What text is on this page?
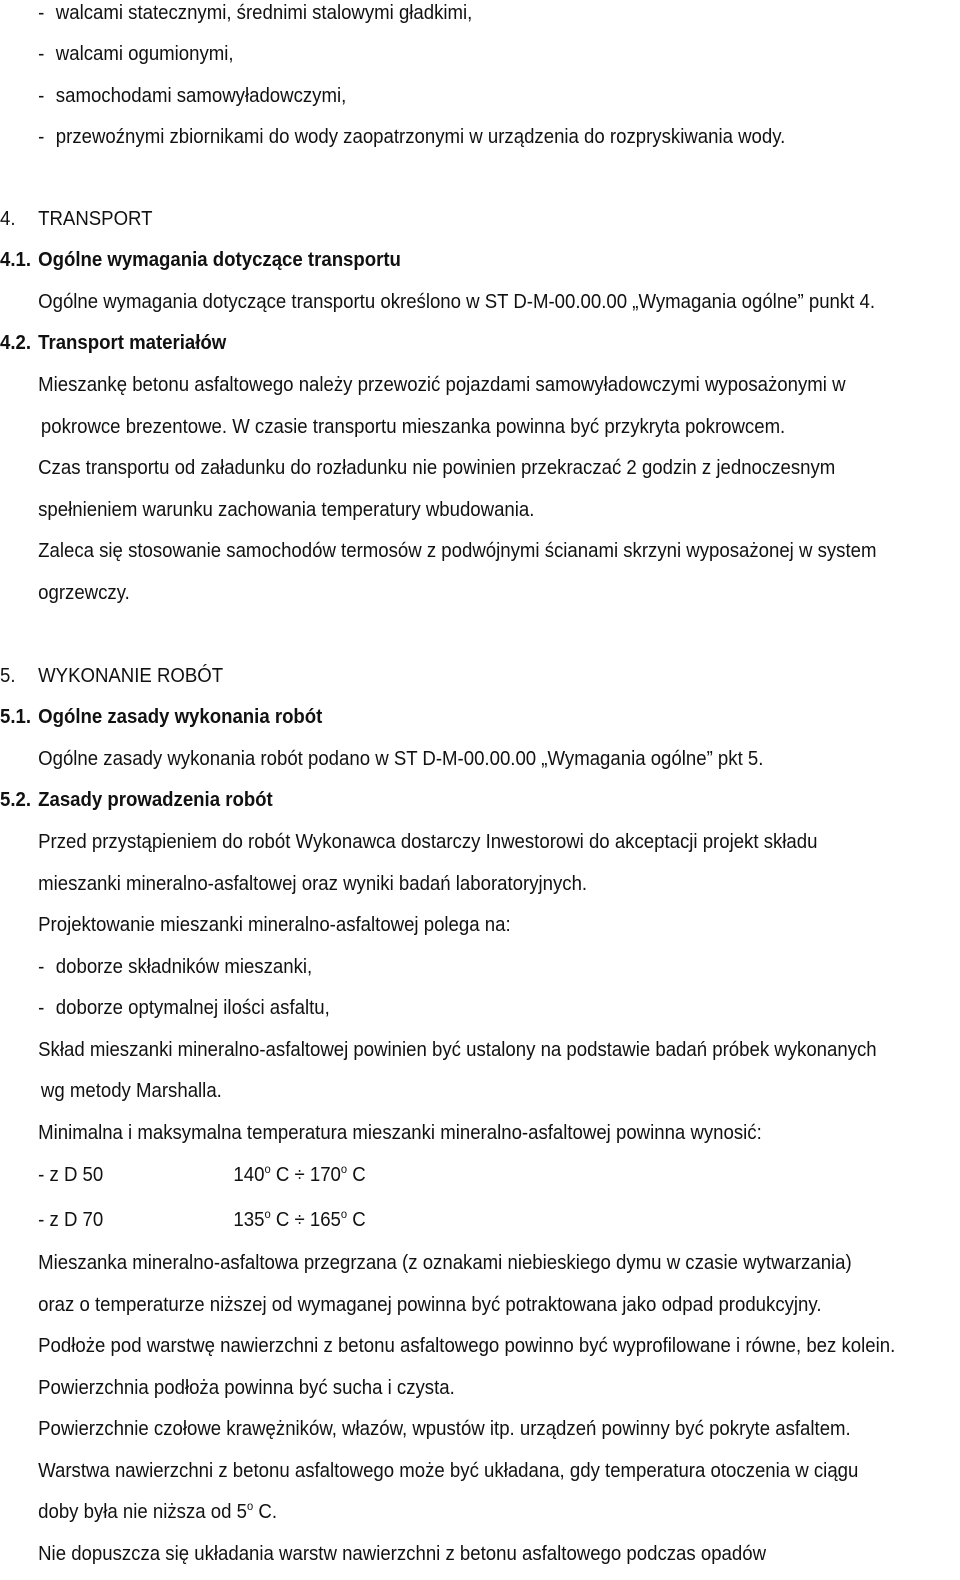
- walcami statecznymi, średnimi stalowymi gładkimi,
- walcami ogumionymi,
- samochodami samowyładowczymi,
- przewoźnymi zbiornikami do wody zaopatrzonymi w urządzenia do rozpryskiwania wody.
4. TRANSPORT
4.1. Ogólne wymagania dotyczące transportu
Ogólne wymagania dotyczące transportu określono w ST D-M-00.00.00 „Wymagania ogólne” punkt 4.
4.2. Transport materiałów
Mieszankę betonu asfaltowego należy przewozić pojazdami samowyładowczymi wyposażonymi w
pokrowce brezentowe. W czasie transportu mieszanka powinna być przykryta pokrowcem.
Czas transportu od załadunku do rozładunku nie powinien przekraczać 2 godzin z jednoczesnym
spełnieniem warunku zachowania temperatury wbudowania.
Zaleca się stosowanie samochodów termosów z podwójnymi ścianami skrzyni wyposażonej w system
ogrzewczy.
5. WYKONANIE ROBÓT
5.1. Ogólne zasady wykonania robót
Ogólne zasady wykonania robót podano w ST D-M-00.00.00 „Wymagania ogólne” pkt 5.
5.2. Zasady prowadzenia robót
Przed przystąpieniem do robót Wykonawca dostarczy Inwestorowi do akceptacji projekt składu
mieszanki mineralno-asfaltowej oraz wyniki badań laboratoryjnych.
Projektowanie mieszanki mineralno-asfaltowej polega na:
- doborze składników mieszanki,
- doborze optymalnej ilości asfaltu,
Skład mieszanki mineralno-asfaltowej powinien być ustalony na podstawie badań próbek wykonanych
wg metody Marshalla.
Minimalna i maksymalna temperatura mieszanki mineralno-asfaltowej powinna wynosić:
- z D 50	140$^o$ $C \div 170^o$ C
- z D 70	135$^o$ $C \div 165^o$ C
Mieszanka mineralno-asfaltowa przegrzana (z oznakami niebieskiego dymu w czasie wytwarzania)
oraz o temperaturze niższej od wymaganej powinna być potraktowana jako odpad produkcyjny.
Podłoże pod warstwę nawierzchni z betonu asfaltowego powinno być wyprofilowane i równe, bez kolein.
Powierzchnia podłoża powinna być sucha i czysta.
Powierzchnie czołowe krawężników, włazów, wpustów itp. urządzeń powinny być pokryte asfaltem.
Warstwa nawierzchni z betonu asfaltowego może być układana, gdy temperatura otoczenia w ciągu
doby była nie niższa od 5$^o$ C.
Nie dopuszcza się układania warstw nawierzchni z betonu asfaltowego podczas opadów
